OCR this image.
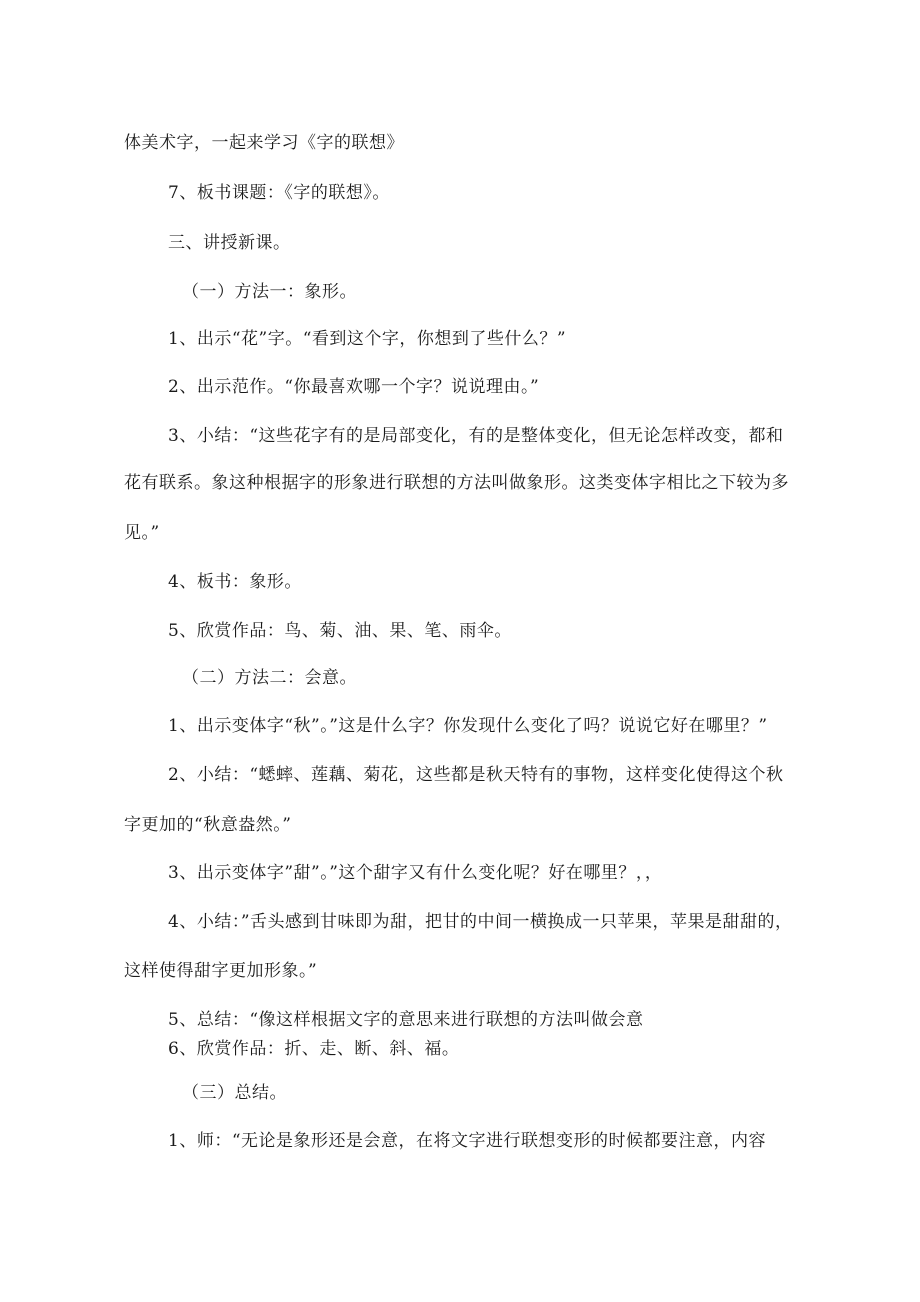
体美术字，一起来学习《字的联想》
7、板书课题：《字的联想》。
三、讲授新课。
（一）方法一：象形。
1、出示“花”字。“看到这个字，你想到了些什么？”
2、出示范作。“你最喜欢哪一个字？说说理由。”
3、小结：“这些花字有的是局部变化，有的是整体变化，但无论怎样改变，都和
花有联系。象这种根据字的形象进行联想的方法叫做象形。这类变体字相比之下较为多
见。”
4、板书：象形。
5、欣赏作品：鸟、菊、油、果、笔、雨伞。
（二）方法二：会意。
1、出示变体字“秋”。”这是什么字？你发现什么变化了吗？说说它好在哪里？”
2、小结：“蟋蟀、莲藕、菊花，这些都是秋天特有的事物，这样变化使得这个秋
字更加的“秋意盎然。”
3、出示变体字”甜”。”这个甜字又有什么变化呢？好在哪里？，，
4、小结：”舌头感到甘味即为甜，把甘的中间一横换成一只苹果，苹果是甜甜的，
这样使得甜字更加形象。”
5、总结：“像这样根据文字的意思来进行联想的方法叫做会意
6、欣赏作品：折、走、断、斜、福。
（三）总结。
1、师：“无论是象形还是会意，在将文字进行联想变形的时候都要注意，内容
